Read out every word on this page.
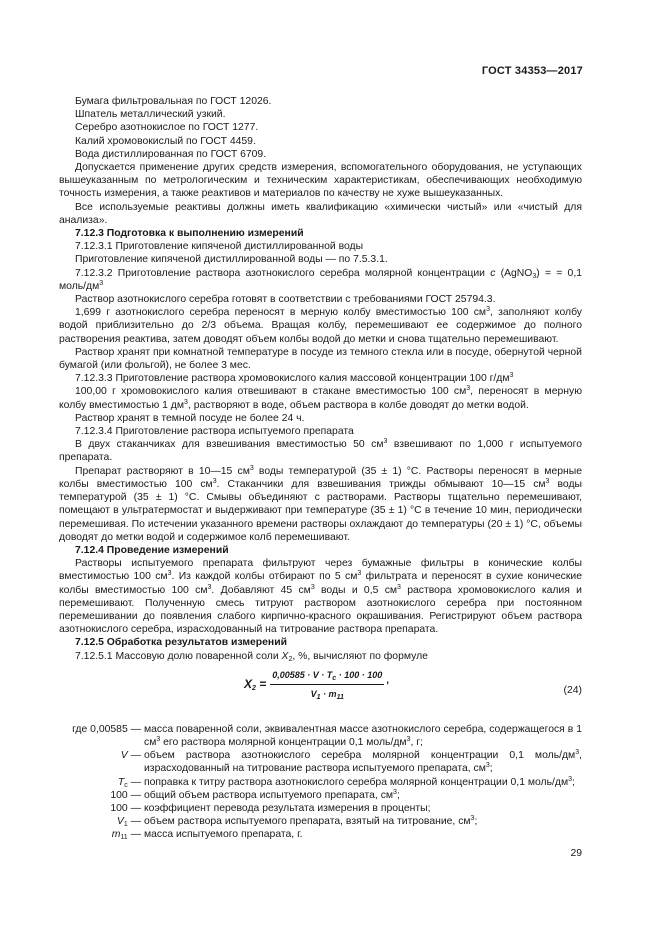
ГОСТ 34353—2017

Бумага фильтровальная по ГОСТ 12026.

Шпатель металлический узкий.

Серебро азотнокислое по ГОСТ 1277.

Калий хромовокислый по ГОСТ 4459.

Вода дистиллированная по ГОСТ 6709.

Допускается применение других средств измерения, вспомогательного оборудования, не уступающих вышеуказанным по метрологическим и техническим характеристикам, обеспечивающих необходимую точность измерения, а также реактивов и материалов по качеству не хуже вышеуказанных.

Все используемые реактивы должны иметь квалификацию «химически чистый» или «чистый для анализа».

7.12.3 Подготовка к выполнению измерений

7.12.3.1 Приготовление кипяченой дистиллированной воды

Приготовление кипяченой дистиллированной воды — по 7.5.3.1.

7.12.3.2 Приготовление раствора азотнокислого серебра молярной концентрации c (AgNO$_3$) = = 0,1 моль/$дм^3$

Раствор азотнокислого серебра готовят в соответствии с требованиями ГОСТ 25794.3.

1,699 г азотнокислого серебра переносят в мерную колбу вместимостью 100 $см^3$, заполняют колбу водой приблизительно до 2/3 объема. Вращая колбу, перемешивают ее содержимое до полного растворения реактива, затем доводят объем колбы водой до метки и снова тщательно перемешивают.

Раствор хранят при комнатной температуре в посуде из темного стекла или в посуде, обернутой черной бумагой (или фольгой), не более 3 мес.

7.12.3.3 Приготовление раствора хромовокислого калия массовой концентрации 100 $г/дм^3$

100,00 г хромовокислого калия отвешивают в стакане вместимостью 100 $см^3$, переносят в мерную колбу вместимостью 1 $дм^3$, растворяют в воде, объем раствора в колбе доводят до метки водой.

Раствор хранят в темной посуде не более 24 ч.

7.12.3.4 Приготовление раствора испытуемого препарата

В двух стаканчиках для взвешивания вместимостью 50 $см^3$ взвешивают по 1,000 г испытуемого препарата.

Препарат растворяют в 10—15 $см^3$ воды температурой (35 ± 1) °С. Растворы переносят в мерные колбы вместимостью 100 $см^3$. Стаканчики для взвешивания трижды обмывают 10—15 $см^3$ воды температурой (35 ± 1) °С. Смывы объединяют с растворами. Растворы тщательно перемешивают, помещают в ультратермостат и выдерживают при температуре (35 ± 1) °С в течение 10 мин, периодически перемешивая. По истечении указанного времени растворы охлаждают до температуры (20 ± 1) °С, объемы доводят до метки водой и содержимое колб перемешивают.

7.12.4 Проведение измерений

Растворы испытуемого препарата фильтруют через бумажные фильтры в конические колбы вместимостью 100 $см^3$. Из каждой колбы отбирают по 5 $см^3$ фильтрата и переносят в сухие конические колбы вместимостью 100 $см^3$. Добавляют 45 $см^3$ воды и 0,5 $см^3$ раствора хромовокислого калия и перемешивают. Полученную смесь титруют раствором азотнокислого серебра при постоянном перемешивании до появления слабого кирпично-красного окрашивания. Регистрируют объем раствора азотнокислого серебра, израсходованный на титрование раствора препарата.

7.12.5 Обработка результатов измерений

7.12.5.1 Массовую долю поваренной соли $X_2$, %, вычисляют по формуле

$X_2 = \frac{0,00585 \cdot V \cdot T_c \cdot 100 \cdot 100}{V_1 \cdot m_{11}}$ ,
(24)
где 0,00585 — масса поваренной соли, эквивалентная массе азотнокислого серебра, содержащегося в 1 $см^3$ его раствора молярной концентрации 0,1 моль/$дм^3$, г;
V — объем раствора азотнокислого серебра молярной концентрации 0,1 моль/$дм^3$, израсходованный на титрование раствора испытуемого препарата, $см^3$;
$T_c$ — поправка к титру раствора азотнокислого серебра молярной концентрации 0,1 моль/$дм^3$;
100 — общий объем раствора испытуемого препарата, $см^3$;
100 — коэффициент перевода результата измерения в проценты;
$V_1$ — объем раствора испытуемого препарата, взятый на титрование, $см^3$;
$m_{11}$ — масса испытуемого препарата, г.
29
